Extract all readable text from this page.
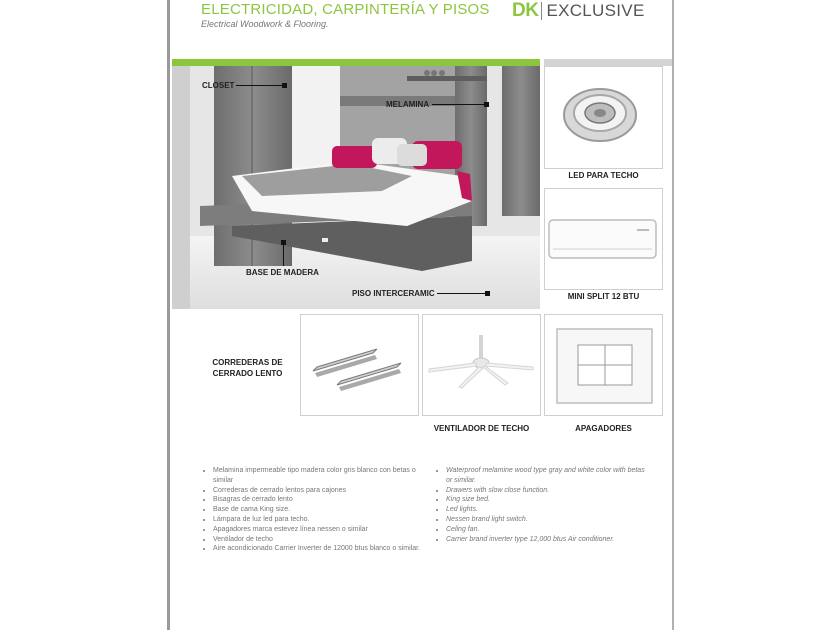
ELECTRICIDAD, CARPINTERÍA Y PISOS
Electrical Woodwork & Flooring.
DK EXCLUSIVE
CLOSET
MELAMINA
BASE DE MADERA
PISO INTERCERAMIC
LED PARA TECHO
MINI SPLIT 12 BTU
CORREDERAS DE
CERRADO LENTO
VENTILADOR DE TECHO	APAGADORES
• Melamina impermeable tipo madera color gris blanco con betas o similar
• Correderas de cerrado lentos para cajones
• Bisagras de cerrado lento
• Base de cama King size.
• Lámpara de luz led para techo.
• Apagadores marca estevez línea nessen o similar
• Ventilador de techo
• Aire acondicionado Carrier Inverter de 12000 btus blanco o similar.
• Waterproof melamine wood type gray and white color with betas or similar.
• Drawers with slow close function.
• King size bed.
• Led lights.
• Nessen brand light switch.
• Celing fan.
• Carrier brand inverter type 12,000 btus Air conditioner.
